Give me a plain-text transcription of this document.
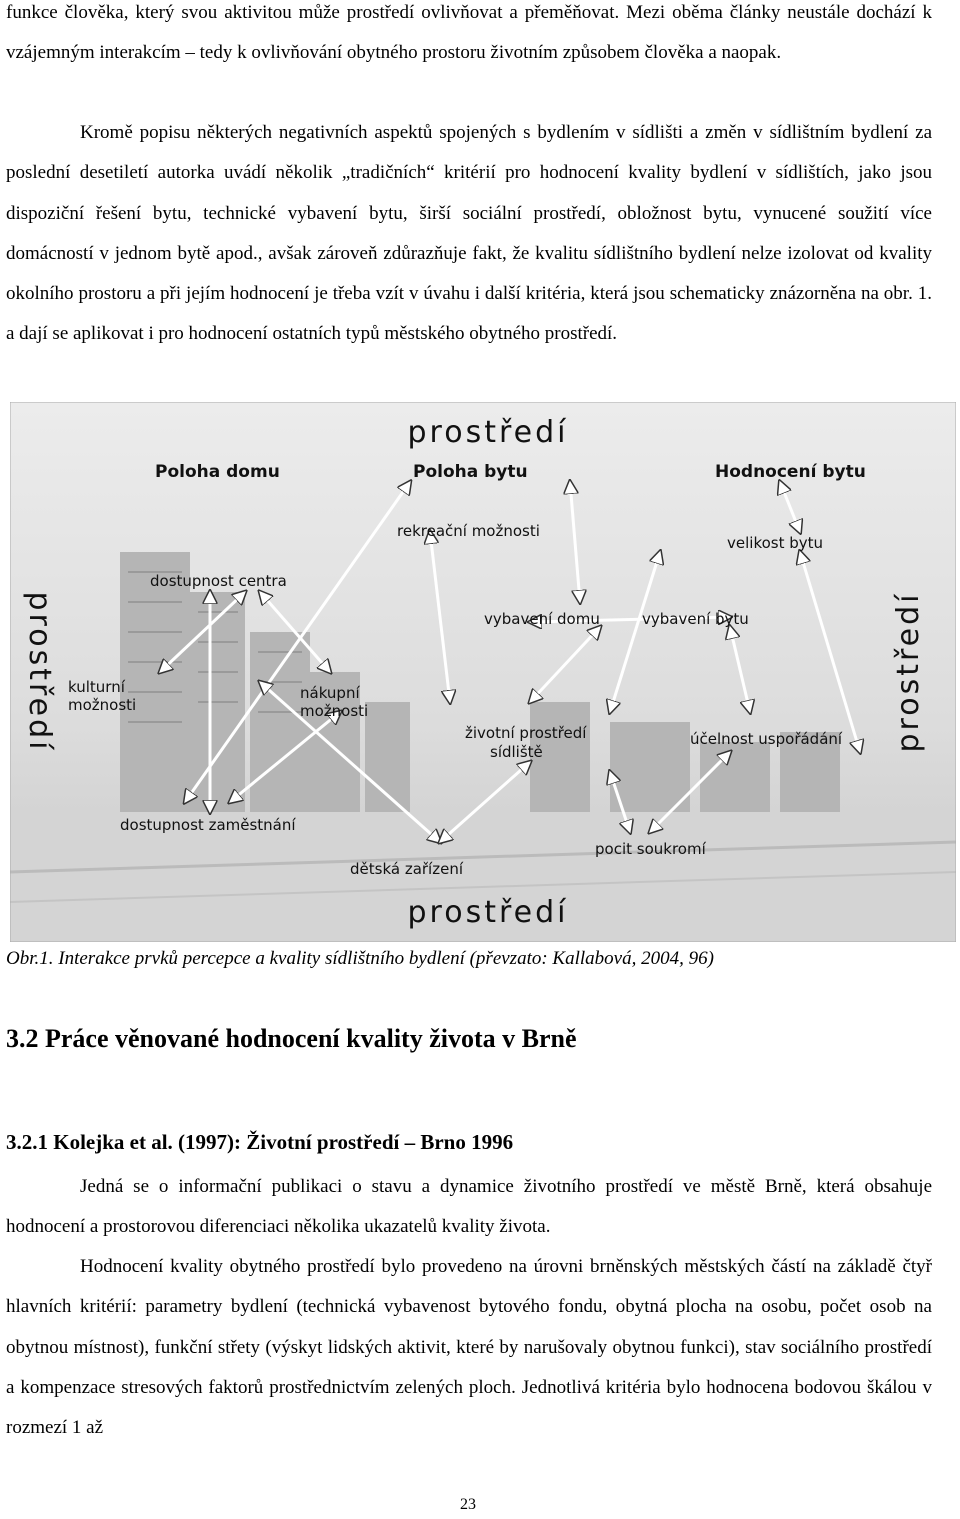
funkce člověka, který svou aktivitou může prostředí ovlivňovat a přeměňovat. Mezi oběma články neustále dochází k vzájemným interakcím – tedy k ovlivňování obytného prostoru životním způsobem člověka a naopak.

Kromě popisu některých negativních aspektů spojených s bydlením v sídlišti a změn v sídlištním bydlení za poslední desetiletí autorka uvádí několik „tradičních“ kritérií pro hodnocení kvality bydlení v sídlištích, jako jsou dispoziční řešení bytu, technické vybavení bytu, širší sociální prostředí, obložnost bytu, vynucené soužití více domácností v jednom bytě apod., avšak zároveň zdůrazňuje fakt, že kvalitu sídlištního bydlení nelze izolovat od kvality okolního prostoru a při jejím hodnocení je třeba vzít v úvahu i další kritéria, která jsou schematicky znázorněna na obr. 1. a dají se aplikovat i pro hodnocení ostatních typů městského obytného prostředí.

prostředí
prostředí
prostředí	prostředí
Poloha domu	Poloha bytu	Hodnocení bytu
rekreační možnosti
velikost bytu
dostupnost centra
vybavení domu	vybavení bytu
kulturní
možnosti
nákupní
možnosti
životní prostředí
sídliště
účelnost uspořádání
dostupnost zaměstnání
pocit soukromí
dětská zařízení
Obr.1. Interakce prvků percepce a kvality sídlištního bydlení (převzato: Kallabová, 2004, 96)
3.2 Práce věnované hodnocení kvality života v Brně
3.2.1 Kolejka et al. (1997): Životní prostředí – Brno 1996

Jedná se o informační publikaci o stavu a dynamice životního prostředí ve městě Brně, která obsahuje hodnocení a prostorovou diferenciaci několika ukazatelů kvality života.

Hodnocení kvality obytného prostředí bylo provedeno na úrovni brněnských městských částí na základě čtyř hlavních kritérií: parametry bydlení (technická vybavenost bytového fondu, obytná plocha na osobu, počet osob na obytnou místnost), funkční střety (výskyt lidských aktivit, které by narušovaly obytnou funkci), stav sociálního prostředí a kompenzace stresových faktorů prostřednictvím zelených ploch. Jednotlivá kritéria bylo hodnocena bodovou škálou v rozmezí 1 až

23
